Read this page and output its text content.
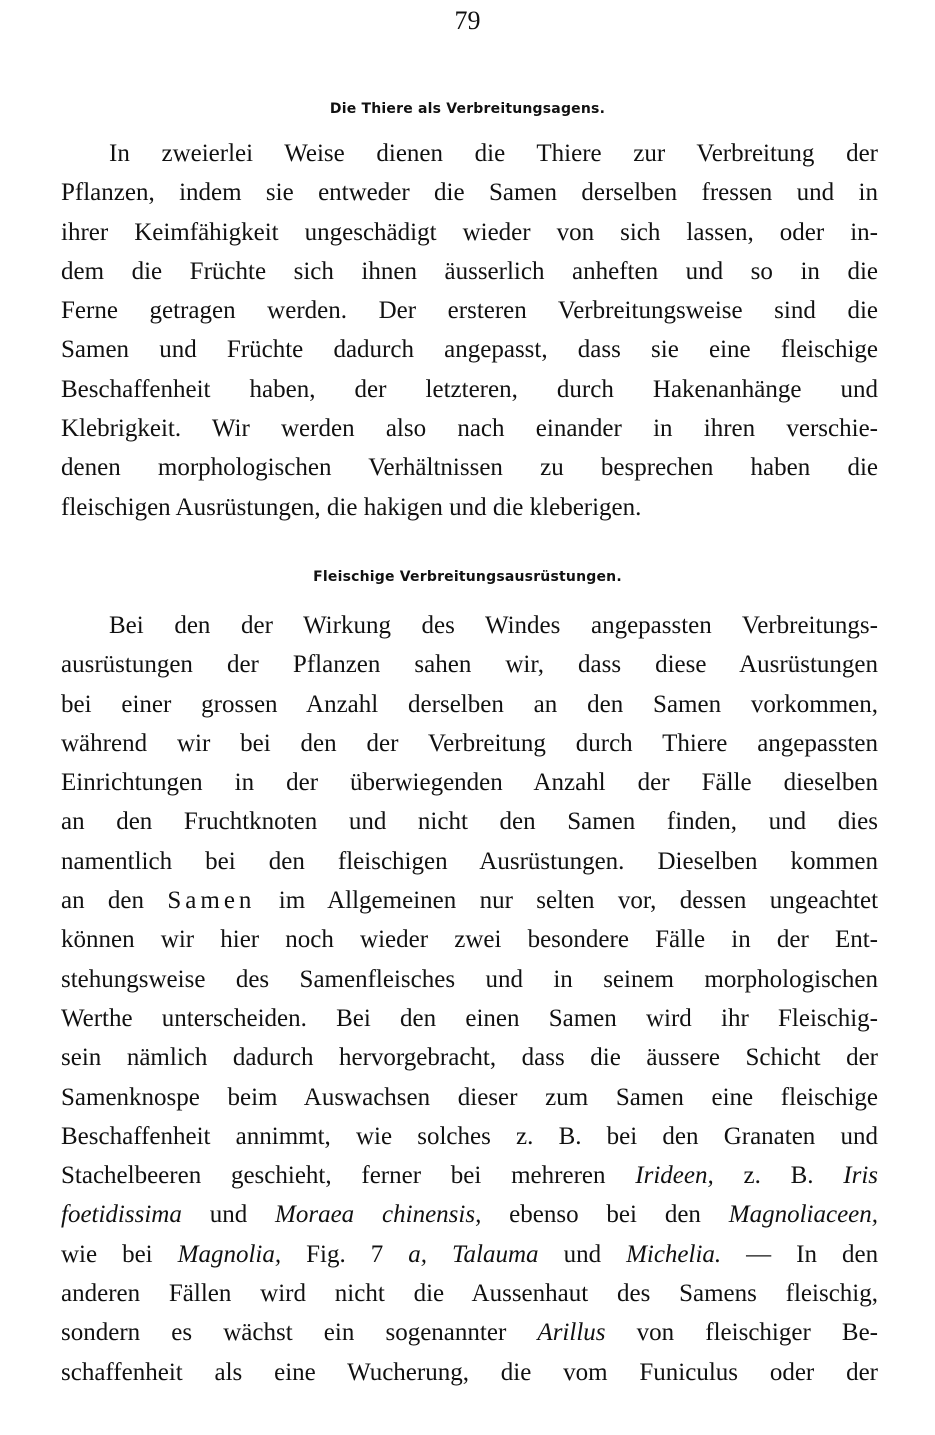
79
Die Thiere als Verbreitungsagens.
In zweierlei Weise dienen die Thiere zur Verbreitung der
Pflanzen, indem sie entweder die Samen derselben fressen und in
ihrer Keimfähigkeit ungeschädigt wieder von sich lassen, oder in-
dem die Früchte sich ihnen äusserlich anheften und so in die
Ferne getragen werden. Der ersteren Verbreitungsweise sind die
Samen und Früchte dadurch angepasst, dass sie eine fleischige
Beschaffenheit haben, der letzteren, durch Hakenanhänge und
Klebrigkeit. Wir werden also nach einander in ihren verschie-
denen morphologischen Verhältnissen zu besprechen haben die
fleischigen Ausrüstungen, die hakigen und die kleberigen.
Fleischige Verbreitungsausrüstungen.
Bei den der Wirkung des Windes angepassten Verbreitungs-
ausrüstungen der Pflanzen sahen wir, dass diese Ausrüstungen
bei einer grossen Anzahl derselben an den Samen vorkommen,
während wir bei den der Verbreitung durch Thiere angepassten
Einrichtungen in der überwiegenden Anzahl der Fälle dieselben
an den Fruchtknoten und nicht den Samen finden, und dies
namentlich bei den fleischigen Ausrüstungen. Dieselben kommen
an den Samen im Allgemeinen nur selten vor, dessen ungeachtet
können wir hier noch wieder zwei besondere Fälle in der Ent-
stehungsweise des Samenfleisches und in seinem morphologischen
Werthe unterscheiden. Bei den einen Samen wird ihr Fleischig-
sein nämlich dadurch hervorgebracht, dass die äussere Schicht der
Samenknospe beim Auswachsen dieser zum Samen eine fleischige
Beschaffenheit annimmt, wie solches z. B. bei den Granaten und
Stachelbeeren geschieht, ferner bei mehreren Irideen, z. B. Iris
foetidissima und Moraea chinensis, ebenso bei den Magnoliaceen,
wie bei Magnolia, Fig. 7 a, Talauma und Michelia. — In den
anderen Fällen wird nicht die Aussenhaut des Samens fleischig,
sondern es wächst ein sogenannter Arillus von fleischiger Be-
schaffenheit als eine Wucherung, die vom Funiculus oder der
